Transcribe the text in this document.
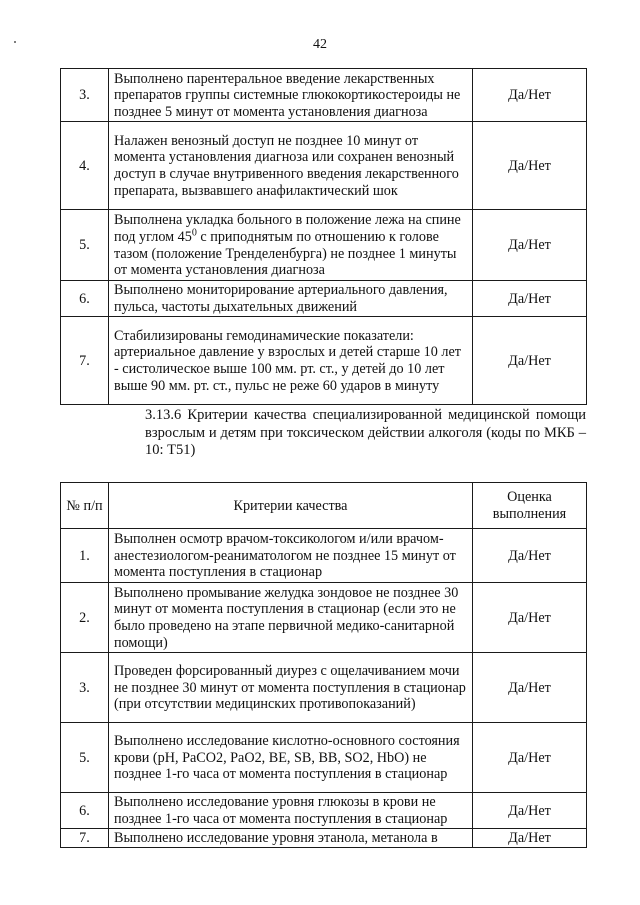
42
3.	Выполнено парентеральное введение лекарственных препаратов группы системные глюкокортикостероиды не позднее 5 минут от момента установления диагноза	Да/Нет
4.	Налажен венозный доступ не позднее 10 минут от момента установления диагноза или сохранен венозный доступ в случае внутривенного введения лекарственного препарата, вызвавшего анафилактический шок	Да/Нет
5.	Выполнена укладка больного в положение лежа на спине под углом $45^0$ с приподнятым по отношению к голове тазом (положение Тренделенбурга) не позднее 1 минуты от момента установления диагноза	Да/Нет
6.	Выполнено мониторирование артериального давления, пульса, частоты дыхательных движений	Да/Нет
7.	Стабилизированы гемодинамические показатели: артериальное давление у взрослых и детей старше 10 лет - систолическое выше 100 мм. рт. ст., у детей до 10 лет выше 90 мм. рт. ст., пульс не реже 60 ударов в минуту	Да/Нет
3.13.6 Критерии качества специализированной медицинской помощи взрослым и детям при токсическом действии алкоголя (коды по МКБ – 10: T51)
№ п/п	Критерии качества	Оценка выполнения
1.	Выполнен осмотр врачом-токсикологом и/или врачом-анестезиологом-реаниматологом не позднее 15 минут от момента поступления в стационар	Да/Нет
2.	Выполнено промывание желудка зондовое не позднее 30 минут от момента поступления в стационар (если это не было проведено на этапе первичной медико-санитарной помощи)	Да/Нет
3.	Проведен форсированный диурез с ощелачиванием мочи не позднее 30 минут от момента поступления в стационар (при отсутствии медицинских противопоказаний)	Да/Нет
5.	Выполнено исследование кислотно-основного состояния крови (pH, PaCO2, PaO2, BE, SB, BB, SO2, HbO) не позднее 1-го часа от момента поступления в стационар	Да/Нет
6.	Выполнено исследование уровня глюкозы в крови не позднее 1-го часа от момента поступления в стационар	Да/Нет
7.	Выполнено исследование уровня этанола, метанола в	Да/Нет
